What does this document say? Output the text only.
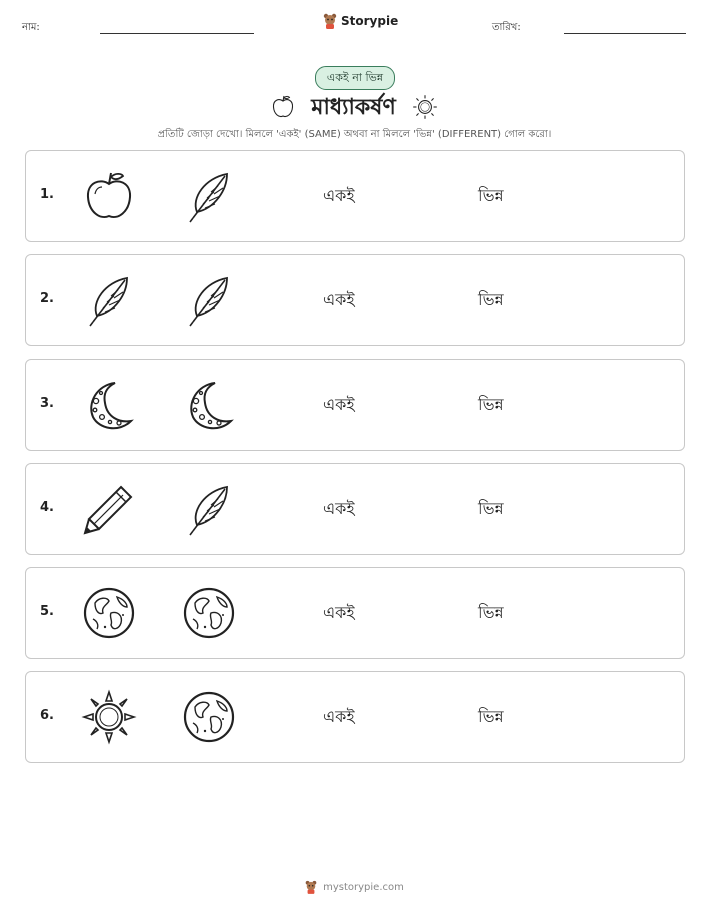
নাম:	Storypie	তারিখ:
একই না ভিন্ন
মাধ্যাকর্ষণ
প্রতিটি জোড়া দেখো। মিললে 'একই' (SAME) অথবা না মিললে 'ভিন্ন' (DIFFERENT) গোল করো।
1.	একই	ভিন্ন
2.	একই	ভিন্ন
3.	একই	ভিন্ন
4.	একই	ভিন্ন
5.	একই	ভিন্ন
6.	একই	ভিন্ন
mystorypie.com
